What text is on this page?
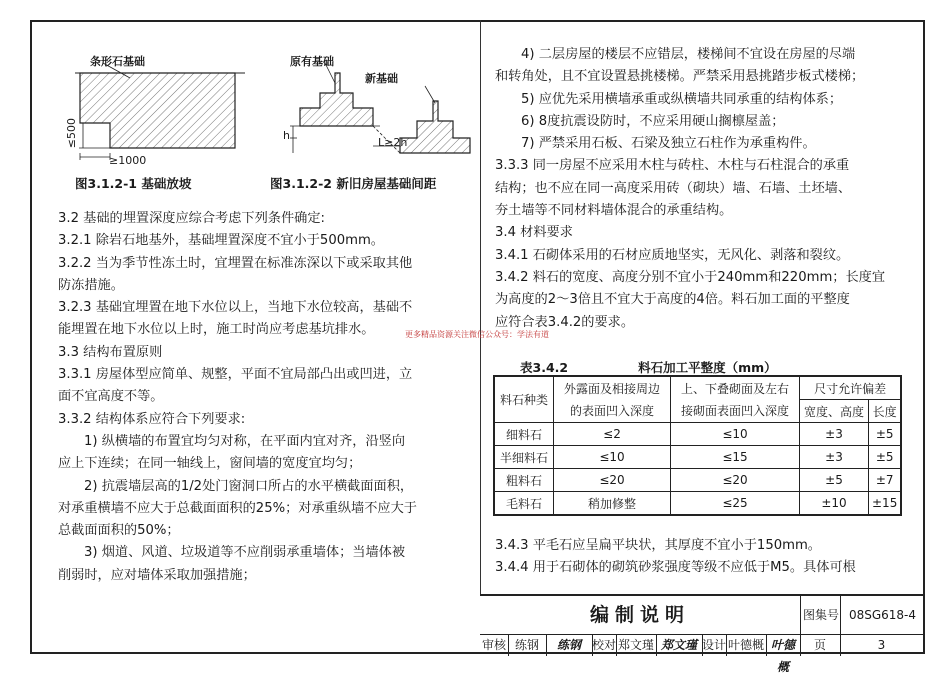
条形石基础
≤500
≥1000
原有基础
新基础
h
L≥2h
图3.1.2-1 基础放坡	图3.1.2-2 新旧房屋基础间距

3.2 基础的埋置深度应综合考虑下列条件确定:

3.2.1 除岩石地基外，基础埋置深度不宜小于500mm。

3.2.2 当为季节性冻土时，宜埋置在标准冻深以下或采取其他

防冻措施。

3.2.3 基础宜埋置在地下水位以上，当地下水位较高，基础不

能埋置在地下水位以上时，施工时尚应考虑基坑排水。

3.3 结构布置原则

3.3.1 房屋体型应简单、规整，平面不宜局部凸出或凹进，立

面不宜高度不等。

3.3.2 结构体系应符合下列要求:

1) 纵横墙的布置宜均匀对称，在平面内宜对齐，沿竖向

应上下连续；在同一轴线上，窗间墙的宽度宜均匀；

2) 抗震墙层高的1/2处门窗洞口所占的水平横截面面积，

对承重横墙不应大于总截面面积的25%；对承重纵墙不应大于

总截面面积的50%；

3) 烟道、风道、垃圾道等不应削弱承重墙体；当墙体被

削弱时，应对墙体采取加强措施；

4) 二层房屋的楼层不应错层，楼梯间不宜设在房屋的尽端

和转角处，且不宜设置悬挑楼梯。严禁采用悬挑踏步板式楼梯；

5) 应优先采用横墙承重或纵横墙共同承重的结构体系；

6) 8度抗震设防时，不应采用硬山搁檩屋盖；

7) 严禁采用石板、石梁及独立石柱作为承重构件。

3.3.3 同一房屋不应采用木柱与砖柱、木柱与石柱混合的承重

结构；也不应在同一高度采用砖（砌块）墙、石墙、土坯墙、

夯土墙等不同材料墙体混合的承重结构。

3.4 材料要求

3.4.1 石砌体采用的石材应质地坚实，无风化、剥落和裂纹。

3.4.2 料石的宽度、高度分别不宜小于240mm和220mm；长度宜

为高度的2～3倍且不宜大于高度的4倍。料石加工面的平整度

应符合表3.4.2的要求。

更多精品资源关注微信公众号：学法有道
表3.4.2	料石加工平整度（mm）
料石种类	外露面及相接周边	上、下叠砌面及左右	尺寸允许偏差	
	的表面凹入深度	接砌面表面凹入深度	宽度、高度	长度
细料石	≤2	≤10	±3	±5
半细料石	≤10	≤15	±3	±5
粗料石	≤20	≤20	±5	±7
毛料石	稍加修整	≤25	±10	±15

3.4.3 平毛石应呈扁平块状，其厚度不宜小于150mm。

3.4.4 用于石砌体的砌筑砂浆强度等级不应低于M5。具体可根

编制说明	图集号 08SG618-4
审核 练钢	练钢 校对 郑文瑾 郑文瑾 设计 叶德概 叶德概
页	3
